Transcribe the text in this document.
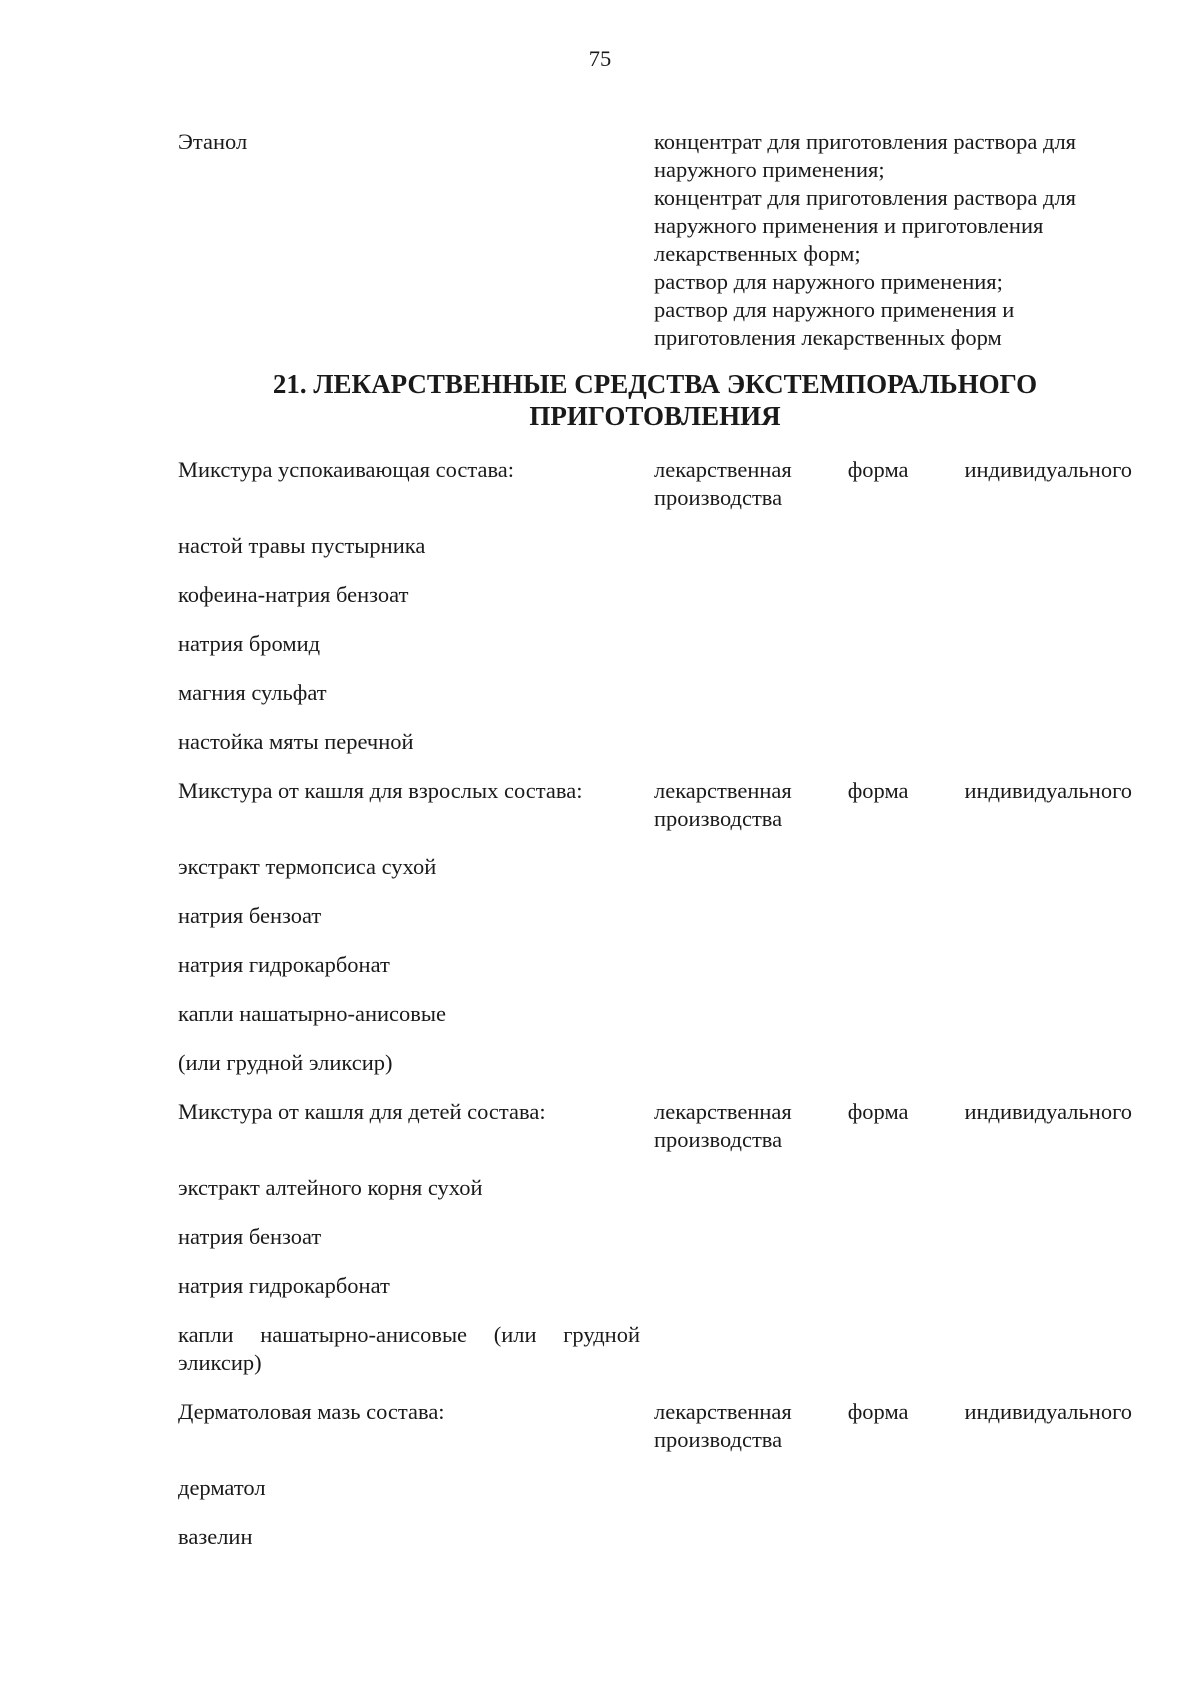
75
Этанол	концентрат для приготовления раствора для
наружного применения;
концентрат для приготовления раствора для
наружного применения и приготовления
лекарственных форм;
раствор для наружного применения;
раствор для наружного применения и
приготовления лекарственных форм
21. ЛЕКАРСТВЕННЫЕ СРЕДСТВА ЭКСТЕМПОРАЛЬНОГО
ПРИГОТОВЛЕНИЯ
Микстура успокаивающая состава:	лекарственная форма индивидуального производства
настой травы пустырника
кофеина-натрия бензоат
натрия бромид
магния сульфат
настойка мяты перечной
Микстура от кашля для взрослых состава:	лекарственная форма индивидуального производства
экстракт термопсиса сухой
натрия бензоат
натрия гидрокарбонат
капли нашатырно-анисовые
(или грудной эликсир)
Микстура от кашля для детей состава:	лекарственная форма индивидуального производства
экстракт алтейного корня сухой
натрия бензоат
натрия гидрокарбонат
капли нашатырно-анисовые (или грудной эликсир)
Дерматоловая мазь состава:	лекарственная форма индивидуального производства
дерматол
вазелин
